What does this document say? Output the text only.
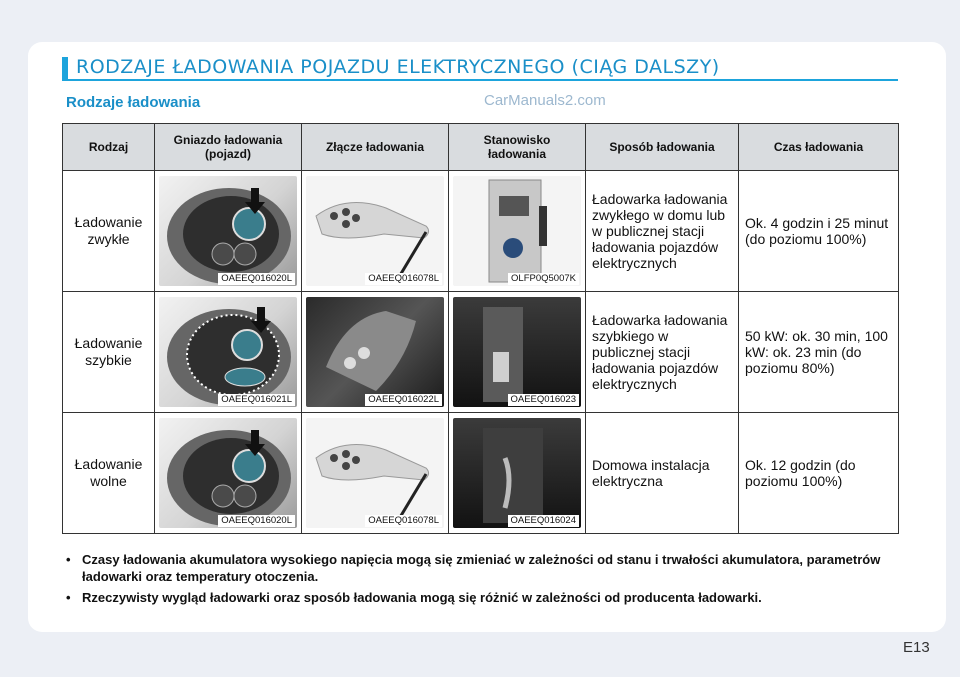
RODZAJE ŁADOWANIA POJAZDU ELEKTRYCZNEGO (CIĄG DALSZY)
Rodzaje ładowania	CarManuals2.com
Rodzaj	Gniazdo ładowania (pojazd)	Złącze ładowania	Stanowisko ładowania	Sposób ładowania	Czas ładowania
Ładowanie zwykłe	OAEEQ016020L	OAEEQ016078L	OLFP0Q5007K	Ładowarka ładowania zwykłego w domu lub w publicznej stacji ładowania pojazdów elektrycznych	Ok. 4 godzin i 25 minut (do poziomu 100%)
Ładowanie szybkie	OAEEQ016021L	OAEEQ016022L	OAEEQ016023	Ładowarka ładowania szybkiego w publicznej stacji ładowania pojazdów elektrycznych	50 kW: ok. 30 min, 100 kW: ok. 23 min (do poziomu 80%)
Ładowanie wolne	OAEEQ016020L	OAEEQ016078L	OAEEQ016024	Domowa instalacja elektryczna	Ok. 12 godzin (do poziomu 100%)
• Czasy ładowania akumulatora wysokiego napięcia mogą się zmieniać w zależności od stanu i trwałości akumulatora, parametrów ładowarki oraz temperatury otoczenia.
• Rzeczywisty wygląd ładowarki oraz sposób ładowania mogą się różnić w zależności od producenta ładowarki.
E13
